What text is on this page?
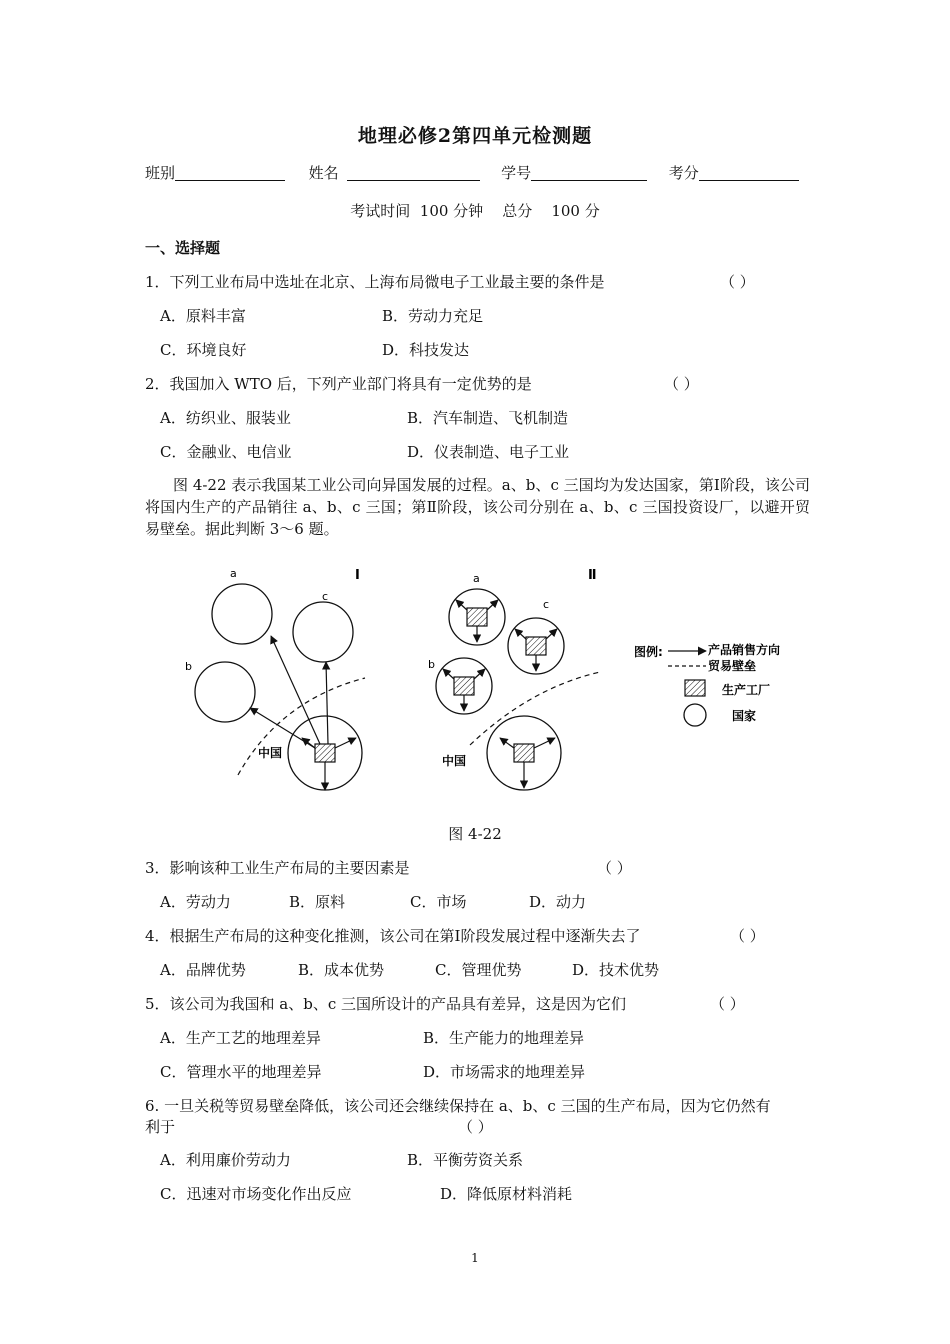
地理必修2第四单元检测题
班别	姓名	学号	考分
考试时间  100 分钟    总分    100 分
一、选择题
1．下列工业布局中选址在北京、上海布局微电子工业最主要的条件是	（ ）
A．原料丰富	B．劳动力充足
C．环境良好	D．科技发达
2．我国加入 WTO 后，下列产业部门将具有一定优势的是	（ ）
A．纺织业、服装业	B．汽车制造、飞机制造
C．金融业、电信业	D．仪表制造、电子工业
图 4-22 表示我国某工业公司向异国发展的过程。a、b、c 三国均为发达国家，第Ⅰ阶段，该公司将国内生产的产品销往 a、b、c 三国；第Ⅱ阶段，该公司分别在 a、b、c 三国投资设厂，以避开贸易壁垒。据此判断 3～6 题。
Ⅰ
a
c
b
中国
Ⅱ
a
c
b
中国
图例:	产品销售方向
贸易壁垒
生产工厂
国家
图 4-22
3．影响该种工业生产布局的主要因素是	（ ）
A．劳动力	B．原料	C．市场	D．动力
4．根据生产布局的这种变化推测，该公司在第Ⅰ阶段发展过程中逐渐失去了	（ ）
A．品牌优势	B．成本优势	C．管理优势	D．技术优势
5．该公司为我国和 a、b、c 三国所设计的产品具有差异，这是因为它们	（ ）
A．生产工艺的地理差异	B．生产能力的地理差异
C．管理水平的地理差异	D．市场需求的地理差异
6. 一旦关税等贸易壁垒降低，该公司还会继续保持在 a、b、c 三国的生产布局，因为它仍然有
利于	（ ）
A．利用廉价劳动力	B．平衡劳资关系
C．迅速对市场变化作出反应	D．降低原材料消耗
1
